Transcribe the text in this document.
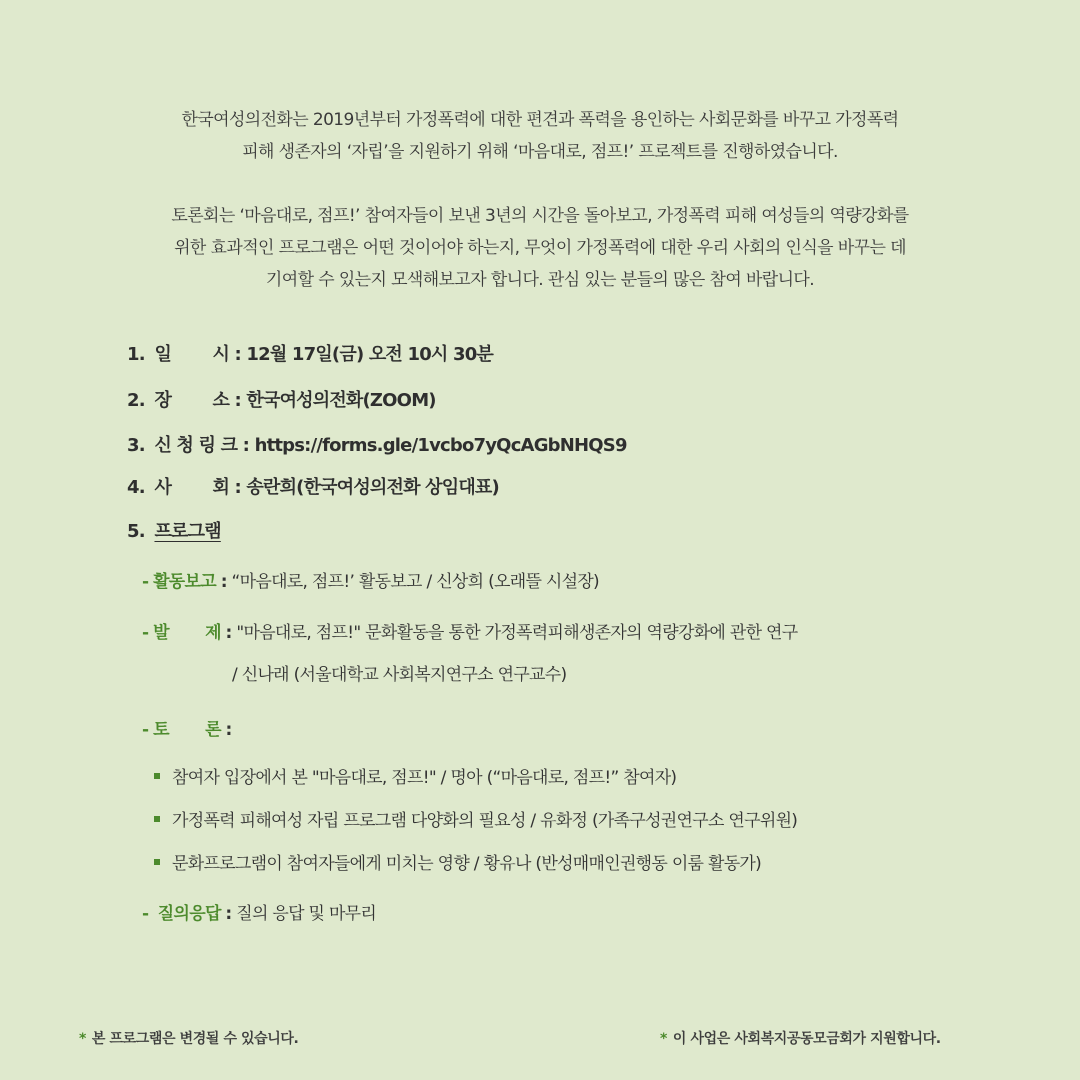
한국여성의전화는 2019년부터 가정폭력에 대한 편견과 폭력을 용인하는 사회문화를 바꾸고 가정폭력

피해 생존자의 ‘자립’을 지원하기 위해 ‘마음대로, 점프!’ 프로젝트를 진행하였습니다.

토론회는 ‘마음대로, 점프!’ 참여자들이 보낸 3년의 시간을 돌아보고, 가정폭력 피해 여성들의 역량강화를

위한 효과적인 프로그램은 어떤 것이어야 하는지, 무엇이 가정폭력에 대한 우리 사회의 인식을 바꾸는 데

기여할 수 있는지 모색해보고자 합니다. 관심 있는 분들의 많은 참여 바랍니다.

1. 일 시 : 12월 17일(금) 오전 10시 30분
2. 장 소 : 한국여성의전화(ZOOM)
3. 신 청 링 크 : https://forms.gle/1vcbo7yQcAGbNHQS9
4. 사 회 : 송란희(한국여성의전화 상임대표)
5. 프로그램
- 활동보고 : “마음대로, 점프!’ 활동보고 / 신상희 (오래뜰 시설장)
- 발 제 : "마음대로, 점프!" 문화활동을 통한 가정폭력피해생존자의 역량강화에 관한 연구
/ 신나래 (서울대학교 사회복지연구소 연구교수)
- 토 론 :
참여자 입장에서 본 "마음대로, 점프!" / 명아 (“마음대로, 점프!” 참여자)
가정폭력 피해여성 자립 프로그램 다양화의 필요성 / 유화정 (가족구성권연구소 연구위원)
문화프로그램이 참여자들에게 미치는 영향 / 황유나 (반성매매인권행동 이룸 활동가)
- 질의응답 : 질의 응답 및 마무리
* 본 프로그램은 변경될 수 있습니다.	* 이 사업은 사회복지공동모금회가 지원합니다.
